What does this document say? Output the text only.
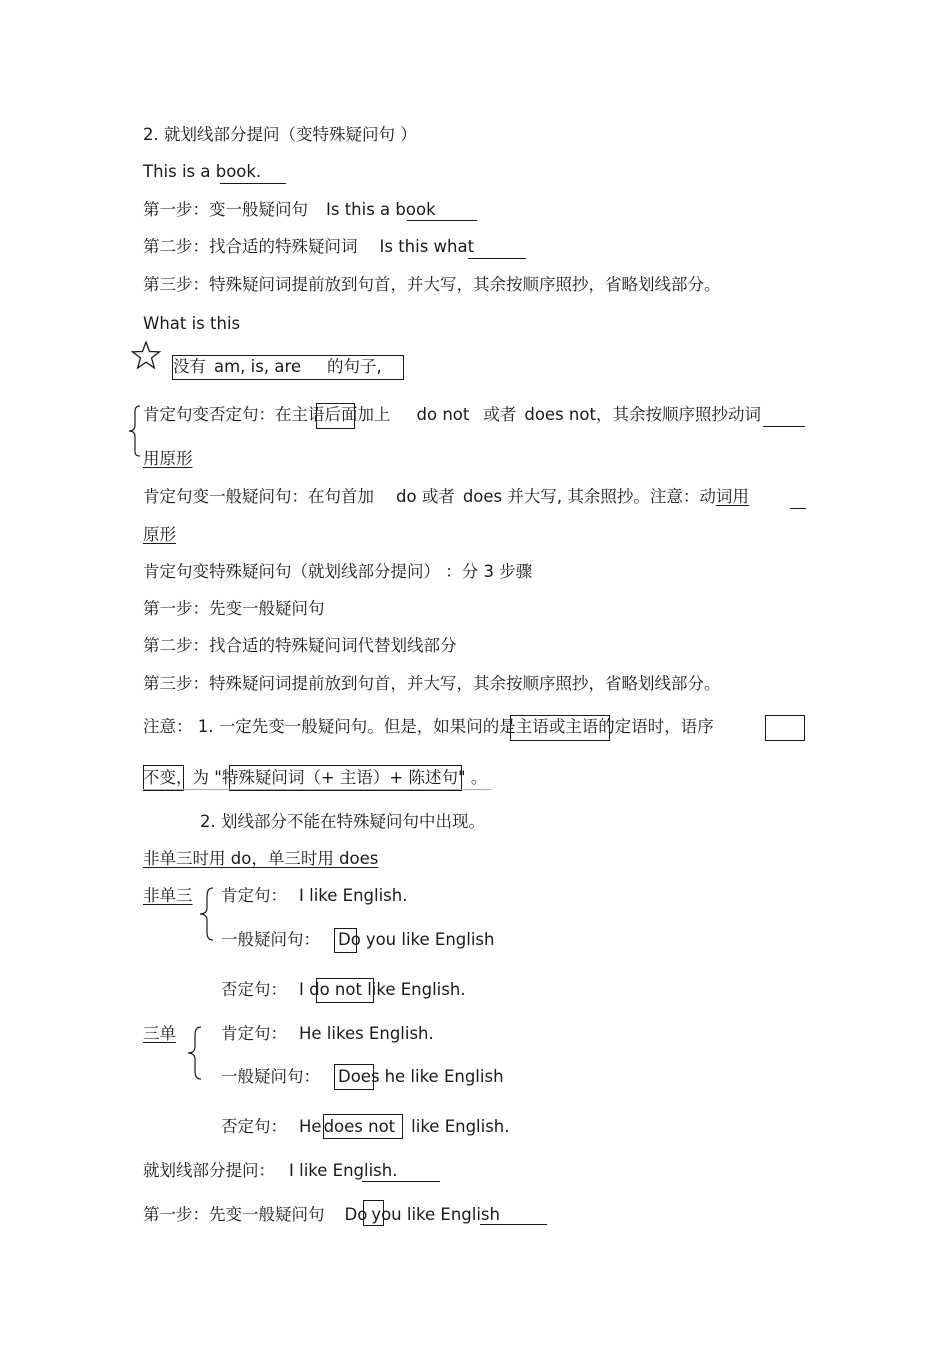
2. 就划线部分提问（变特殊疑问句 ）
This is a book.
第一步：变一般疑问句 Is this a book
第二步：找合适的特殊疑问词 Is this what
第三步：特殊疑问词提前放到句首，并大写，其余按顺序照抄，省略划线部分。
What is this
没有 am, is, are 的句子,
肯定句变否定句：在主语后面加上 do not 或者 does not，其余按顺序照抄动词
用原形
肯定句变一般疑问句：在句首加 do 或者 does 并大写, 其余照抄。注意：动词用
原形
肯定句变特殊疑问句（就划线部分提问） ：分 3 步骤
第一步：先变一般疑问句
第二步：找合适的特殊疑问词代替划线部分
第三步：特殊疑问词提前放到句首，并大写，其余按顺序照抄，省略划线部分。
注意： 1. 一定先变一般疑问句。但是，如果问的是主语或主语的定语时，语序
不变，为 "特殊疑问词（+ 主语）+ 陈述句" 。
2. 划线部分不能在特殊疑问句中出现。
非单三时用 do，单三时用 does
非单三 肯定句： I like English.
一般疑问句： Do you like English
否定句： I do not like English.
三单	肯定句： He likes English.
一般疑问句： Does he like English
否定句： He does not like English.
就划线部分提问： I like English.
第一步：先变一般疑问句 Do you like English
